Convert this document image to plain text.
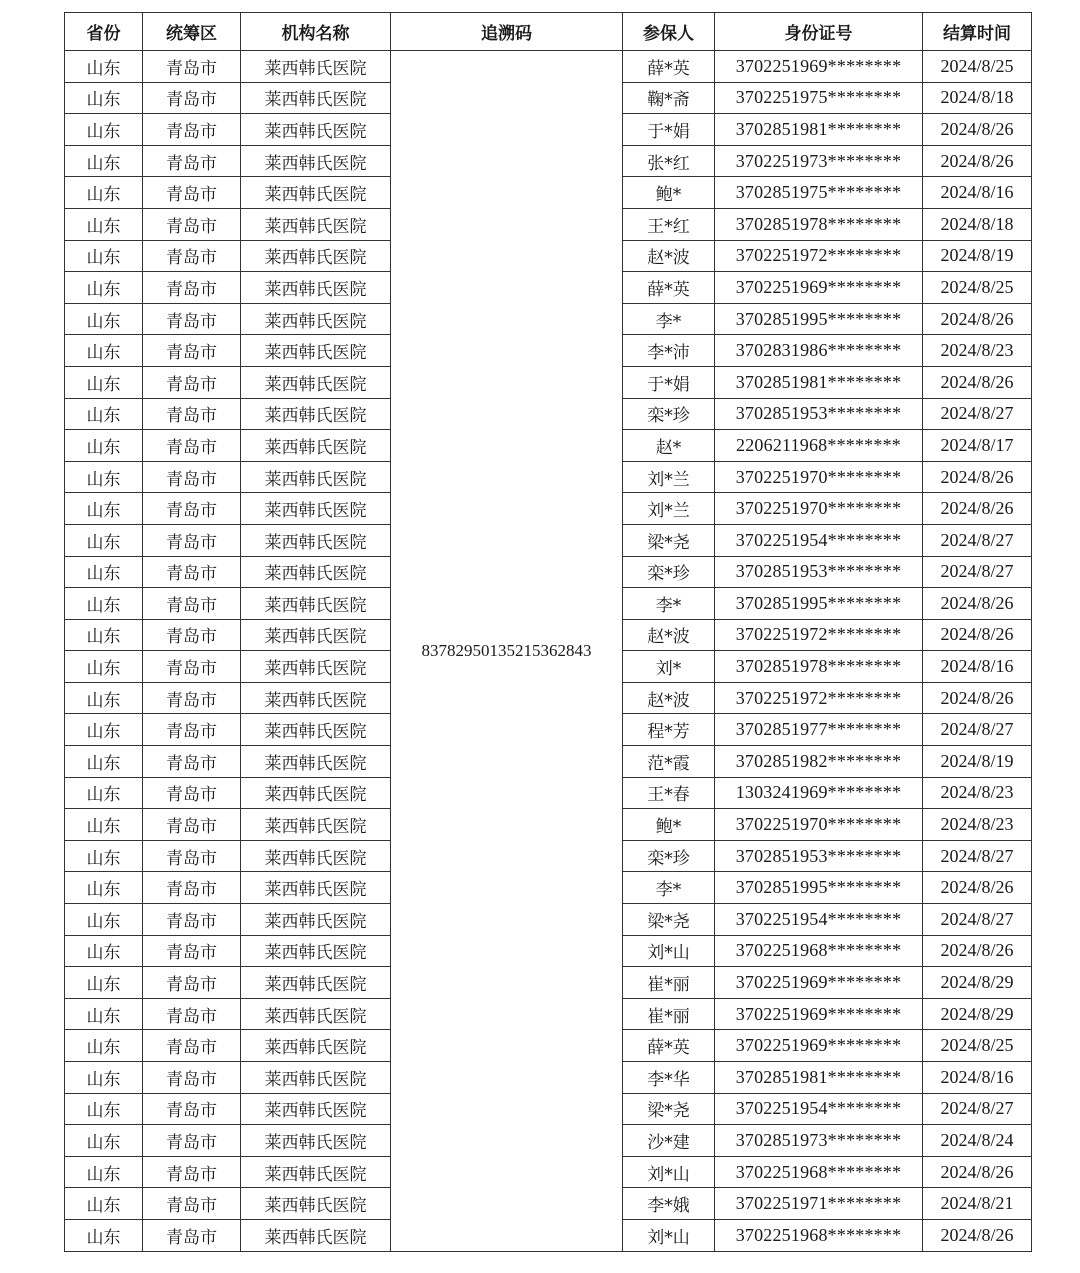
省份	统筹区	机构名称	追溯码	参保人	身份证号	结算时间
山东	青岛市	莱西韩氏医院	83782950135215362843	薛*英	3702251969********	2024/8/25
山东	青岛市	莱西韩氏医院		鞠*斋	3702251975********	2024/8/18
山东	青岛市	莱西韩氏医院		于*娟	3702851981********	2024/8/26
山东	青岛市	莱西韩氏医院		张*红	3702251973********	2024/8/26
山东	青岛市	莱西韩氏医院		鲍*	3702851975********	2024/8/16
山东	青岛市	莱西韩氏医院		王*红	3702851978********	2024/8/18
山东	青岛市	莱西韩氏医院		赵*波	3702251972********	2024/8/19
山东	青岛市	莱西韩氏医院		薛*英	3702251969********	2024/8/25
山东	青岛市	莱西韩氏医院		李*	3702851995********	2024/8/26
山东	青岛市	莱西韩氏医院		李*沛	3702831986********	2024/8/23
山东	青岛市	莱西韩氏医院		于*娟	3702851981********	2024/8/26
山东	青岛市	莱西韩氏医院		栾*珍	3702851953********	2024/8/27
山东	青岛市	莱西韩氏医院		赵*	2206211968********	2024/8/17
山东	青岛市	莱西韩氏医院		刘*兰	3702251970********	2024/8/26
山东	青岛市	莱西韩氏医院		刘*兰	3702251970********	2024/8/26
山东	青岛市	莱西韩氏医院		梁*尧	3702251954********	2024/8/27
山东	青岛市	莱西韩氏医院		栾*珍	3702851953********	2024/8/27
山东	青岛市	莱西韩氏医院		李*	3702851995********	2024/8/26
山东	青岛市	莱西韩氏医院		赵*波	3702251972********	2024/8/26
山东	青岛市	莱西韩氏医院		刘*	3702851978********	2024/8/16
山东	青岛市	莱西韩氏医院		赵*波	3702251972********	2024/8/26
山东	青岛市	莱西韩氏医院		程*芳	3702851977********	2024/8/27
山东	青岛市	莱西韩氏医院		范*霞	3702851982********	2024/8/19
山东	青岛市	莱西韩氏医院		王*春	1303241969********	2024/8/23
山东	青岛市	莱西韩氏医院		鲍*	3702251970********	2024/8/23
山东	青岛市	莱西韩氏医院		栾*珍	3702851953********	2024/8/27
山东	青岛市	莱西韩氏医院		李*	3702851995********	2024/8/26
山东	青岛市	莱西韩氏医院		梁*尧	3702251954********	2024/8/27
山东	青岛市	莱西韩氏医院		刘*山	3702251968********	2024/8/26
山东	青岛市	莱西韩氏医院		崔*丽	3702251969********	2024/8/29
山东	青岛市	莱西韩氏医院		崔*丽	3702251969********	2024/8/29
山东	青岛市	莱西韩氏医院		薛*英	3702251969********	2024/8/25
山东	青岛市	莱西韩氏医院		李*华	3702851981********	2024/8/16
山东	青岛市	莱西韩氏医院		梁*尧	3702251954********	2024/8/27
山东	青岛市	莱西韩氏医院		沙*建	3702851973********	2024/8/24
山东	青岛市	莱西韩氏医院		刘*山	3702251968********	2024/8/26
山东	青岛市	莱西韩氏医院		李*娥	3702251971********	2024/8/21
山东	青岛市	莱西韩氏医院		刘*山	3702251968********	2024/8/26
